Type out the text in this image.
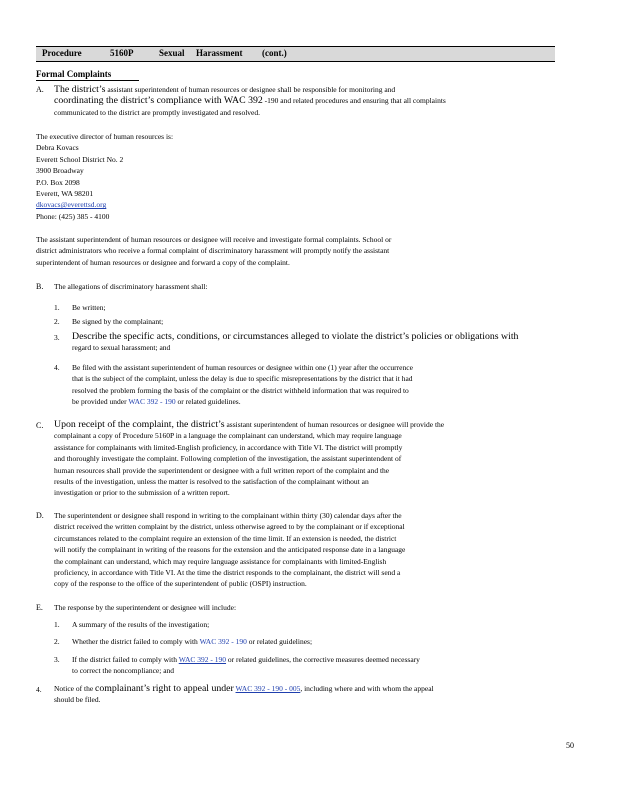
Procedure	5160P	Sexual Harassment (cont.)
Formal Complaints
A. The district’s assistant superintendent of human resources or designee shall be responsible for monitoring and
coordinating the district’s compliance with WAC 392 -190 and related procedures and ensuring that all complaints
communicated to the district are promptly investigated and resolved.
The executive director of human resources is:
Debra Kovacs
Everett School District No. 2
3900 Broadway
P.O. Box 2098
Everett, WA 98201
dkovacs@everettsd.org
Phone: (425) 385 - 4100
The assistant superintendent of human resources or designee will receive and investigate formal complaints. School or
district administrators who receive a formal complaint of discriminatory harassment will promptly notify the assistant
superintendent of human resources or designee and forward a copy of the complaint.
B. The allegations of discriminatory harassment shall:
1. Be written;
2. Be signed by the complainant;
3. Describe the specific acts, conditions, or circumstances alleged to violate the district’s policies or obligations with
regard to sexual harassment; and
4. Be filed with the assistant superintendent of human resources or designee within one (1) year after the occurrence
that is the subject of the complaint, unless the delay is due to specific misrepresentations by the district that it had
resolved the problem forming the basis of the complaint or the district withheld information that was required to
be provided under WAC 392 - 190 or related guidelines.
C. Upon receipt of the complaint, the district’s assistant superintendent of human resources or designee will provide the
complainant a copy of Procedure 5160P in a language the complainant can understand, which may require language
assistance for complainants with limited-English proficiency, in accordance with Title VI. The district will promptly
and thoroughly investigate the complaint. Following completion of the investigation, the assistant superintendent of
human resources shall provide the superintendent or designee with a full written report of the complaint and the
results of the investigation, unless the matter is resolved to the satisfaction of the complainant without an
investigation or prior to the submission of a written report.
D. The superintendent or designee shall respond in writing to the complainant within thirty (30) calendar days after the
district received the written complaint by the district, unless otherwise agreed to by the complainant or if exceptional
circumstances related to the complaint require an extension of the time limit. If an extension is needed, the district
will notify the complainant in writing of the reasons for the extension and the anticipated response date in a language
the complainant can understand, which may require language assistance for complainants with limited-English
proficiency, in accordance with Title VI. At the time the district responds to the complainant, the district will send a
copy of the response to the office of the superintendent of public (OSPI) instruction.
E. The response by the superintendent or designee will include:
1. A summary of the results of the investigation;
2. Whether the district failed to comply with WAC 392 - 190 or related guidelines;
3. If the district failed to comply with WAC 392 - 190 or related guidelines, the corrective measures deemed necessary
to correct the noncompliance; and
4. Notice of the complainant’s right to appeal under WAC 392 - 190 - 005, including where and with whom the appeal
should be filed.
50
